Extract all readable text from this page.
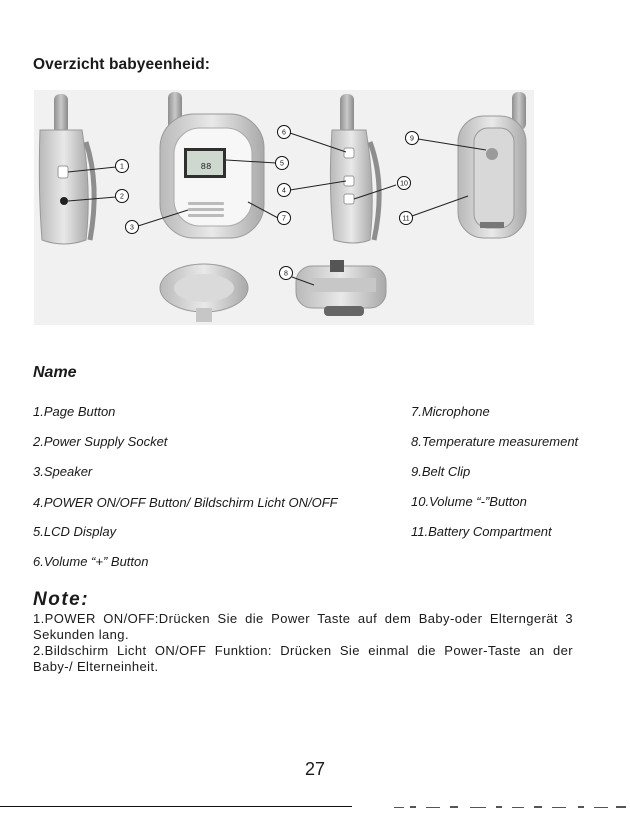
Overzicht babyeenheid:
88
1
2
3
4
5
6
7
8
9
10
11
Name
1.Page Button
2.Power Supply Socket
3.Speaker
4.POWER ON/OFF Button/ Bildschirm Licht ON/OFF
5.LCD Display
6.Volume “+” Button
7.Microphone
8.Temperature measurement
9.Belt Clip
10.Volume “-”Button
11.Battery Compartment
Note:

1.POWER ON/OFF:Drücken Sie die Power Taste auf dem Baby-oder Elterngerät 3 Sekunden lang.

2.Bildschirm Licht ON/OFF Funktion: Drücken Sie einmal die Power-Taste an der Baby-/ Elterneinheit.

27
